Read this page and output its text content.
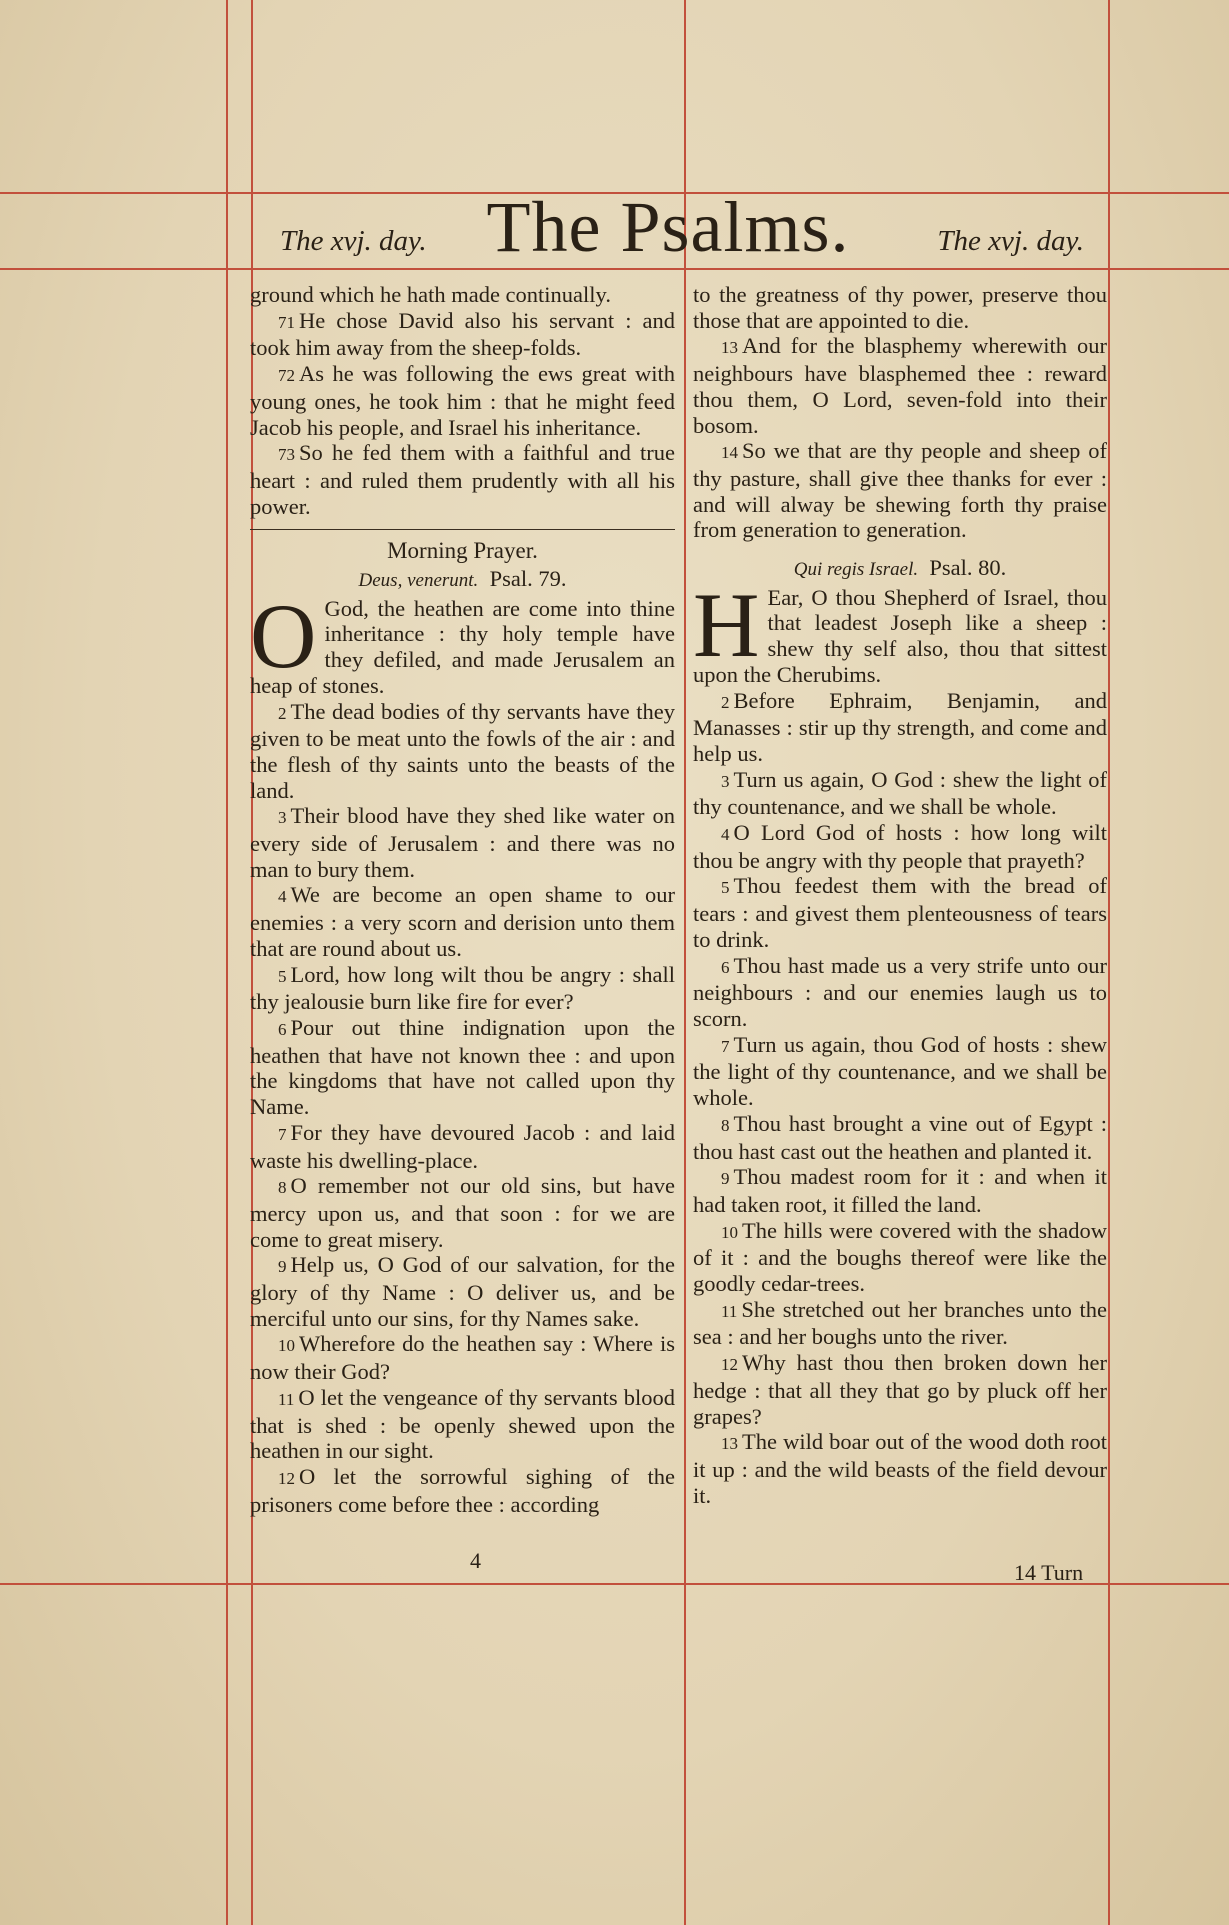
The xvj. day. The Psalms.	The xvj. day.

ground which he hath made continually.

71 He chose David also his servant : and took him away from the sheep-folds.

72 As he was following the ews great with young ones, he took him : that he might feed Jacob his people, and Israel his inheritance.

73 So he fed them with a faithful and true heart : and ruled them prudently with all his power.

Morning Prayer.

Deus, venerunt. Psal. 79.

O God, the heathen are come into thine inheritance : thy holy temple have they defiled, and made Jerusalem an heap of stones.

2 The dead bodies of thy servants have they given to be meat unto the fowls of the air : and the flesh of thy saints unto the beasts of the land.

3 Their blood have they shed like water on every side of Jerusalem : and there was no man to bury them.

4 We are become an open shame to our enemies : a very scorn and derision unto them that are round about us.

5 Lord, how long wilt thou be angry : shall thy jealousie burn like fire for ever?

6 Pour out thine indignation upon the heathen that have not known thee : and upon the kingdoms that have not called upon thy Name.

7 For they have devoured Jacob : and laid waste his dwelling-place.

8 O remember not our old sins, but have mercy upon us, and that soon : for we are come to great misery.

9 Help us, O God of our salvation, for the glory of thy Name : O deliver us, and be merciful unto our sins, for thy Names sake.

10 Wherefore do the heathen say : Where is now their God?

11 O let the vengeance of thy servants blood that is shed : be openly shewed upon the heathen in our sight.

12 O let the sorrowful sighing of the prisoners come before thee : according

to the greatness of thy power, preserve thou those that are appointed to die.

13 And for the blasphemy wherewith our neighbours have blasphemed thee : reward thou them, O Lord, seven-fold into their bosom.

14 So we that are thy people and sheep of thy pasture, shall give thee thanks for ever : and will alway be shewing forth thy praise from generation to generation.

Qui regis Israel. Psal. 80.

H Ear, O thou Shepherd of Israel, thou that leadest Joseph like a sheep : shew thy self also, thou that sittest upon the Cherubims.

2 Before Ephraim, Benjamin, and Manasses : stir up thy strength, and come and help us.

3 Turn us again, O God : shew the light of thy countenance, and we shall be whole.

4 O Lord God of hosts : how long wilt thou be angry with thy people that prayeth?

5 Thou feedest them with the bread of tears : and givest them plenteousness of tears to drink.

6 Thou hast made us a very strife unto our neighbours : and our enemies laugh us to scorn.

7 Turn us again, thou God of hosts : shew the light of thy countenance, and we shall be whole.

8 Thou hast brought a vine out of Egypt : thou hast cast out the heathen and planted it.

9 Thou madest room for it : and when it had taken root, it filled the land.

10 The hills were covered with the shadow of it : and the boughs thereof were like the goodly cedar-trees.

11 She stretched out her branches unto the sea : and her boughs unto the river.

12 Why hast thou then broken down her hedge : that all they that go by pluck off her grapes?

13 The wild boar out of the wood doth root it up : and the wild beasts of the field devour it.

4	14 Turn
